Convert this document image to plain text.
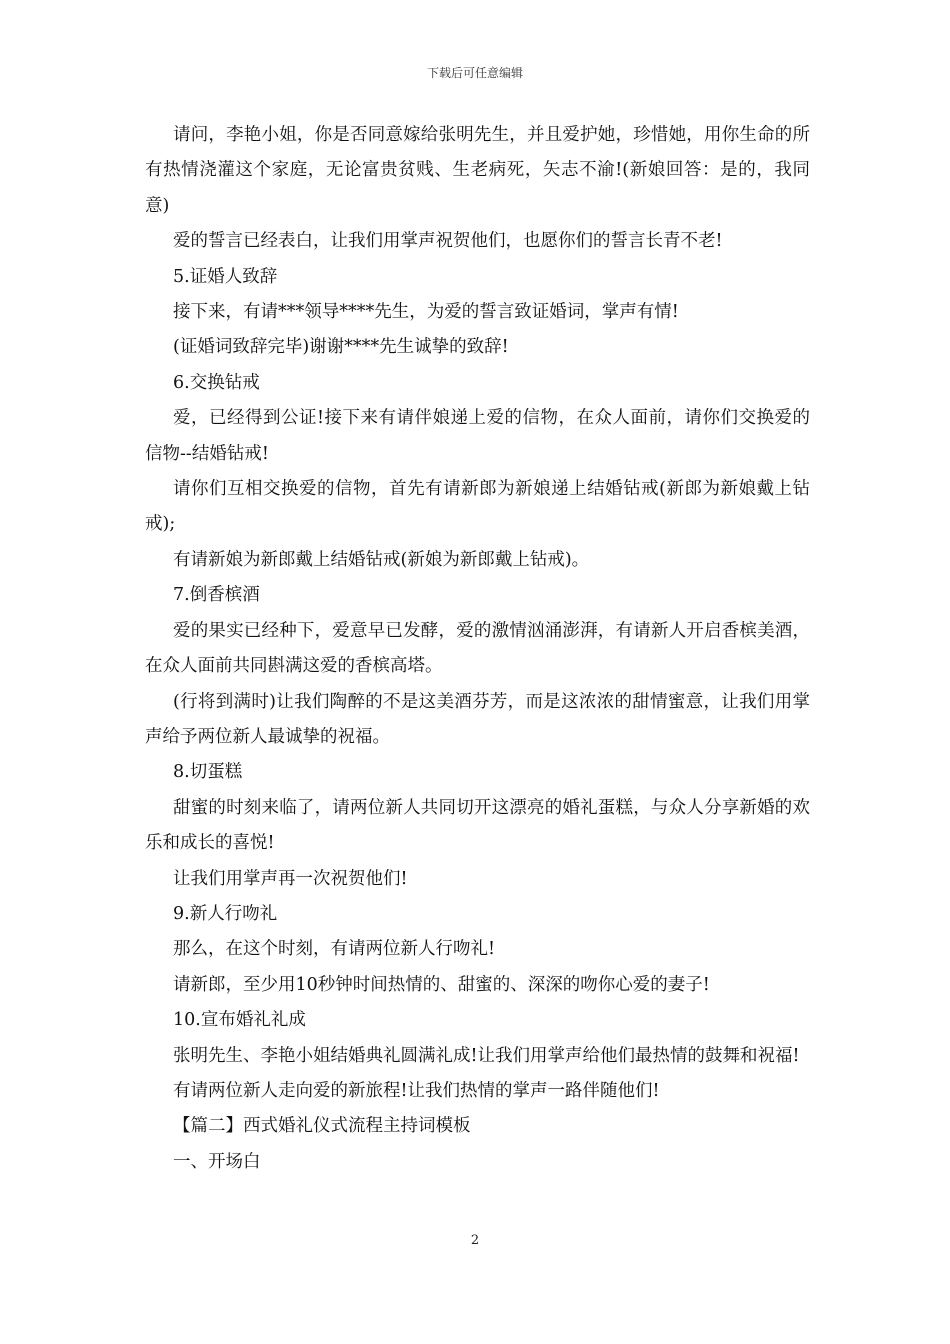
下载后可任意编辑

请问，李艳小姐，你是否同意嫁给张明先生，并且爱护她，珍惜她，用你生命的所有热情浇灌这个家庭，无论富贵贫贱、生老病死，矢志不渝!(新娘回答：是的，我同意)

爱的誓言已经表白，让我们用掌声祝贺他们，也愿你们的誓言长青不老!

5.证婚人致辞

接下来，有请***领导****先生，为爱的誓言致证婚词，掌声有情!

(证婚词致辞完毕)谢谢****先生诚挚的致辞!

6.交换钻戒

爱，已经得到公证!接下来有请伴娘递上爱的信物，在众人面前，请你们交换爱的信物--结婚钻戒!

请你们互相交换爱的信物，首先有请新郎为新娘递上结婚钻戒(新郎为新娘戴上钻戒);

有请新娘为新郎戴上结婚钻戒(新娘为新郎戴上钻戒)。

7.倒香槟酒

爱的果实已经种下，爱意早已发酵，爱的激情汹涌澎湃，有请新人开启香槟美酒，在众人面前共同斟满这爱的香槟高塔。

(行将到满时)让我们陶醉的不是这美酒芬芳，而是这浓浓的甜情蜜意，让我们用掌声给予两位新人最诚挚的祝福。

8.切蛋糕

甜蜜的时刻来临了，请两位新人共同切开这漂亮的婚礼蛋糕，与众人分享新婚的欢乐和成长的喜悦!

让我们用掌声再一次祝贺他们!

9.新人行吻礼

那么，在这个时刻，有请两位新人行吻礼!

请新郎，至少用10秒钟时间热情的、甜蜜的、深深的吻你心爱的妻子!

10.宣布婚礼礼成

张明先生、李艳小姐结婚典礼圆满礼成!让我们用掌声给他们最热情的鼓舞和祝福!

有请两位新人走向爱的新旅程!让我们热情的掌声一路伴随他们!

【篇二】西式婚礼仪式流程主持词模板

一、开场白

2
